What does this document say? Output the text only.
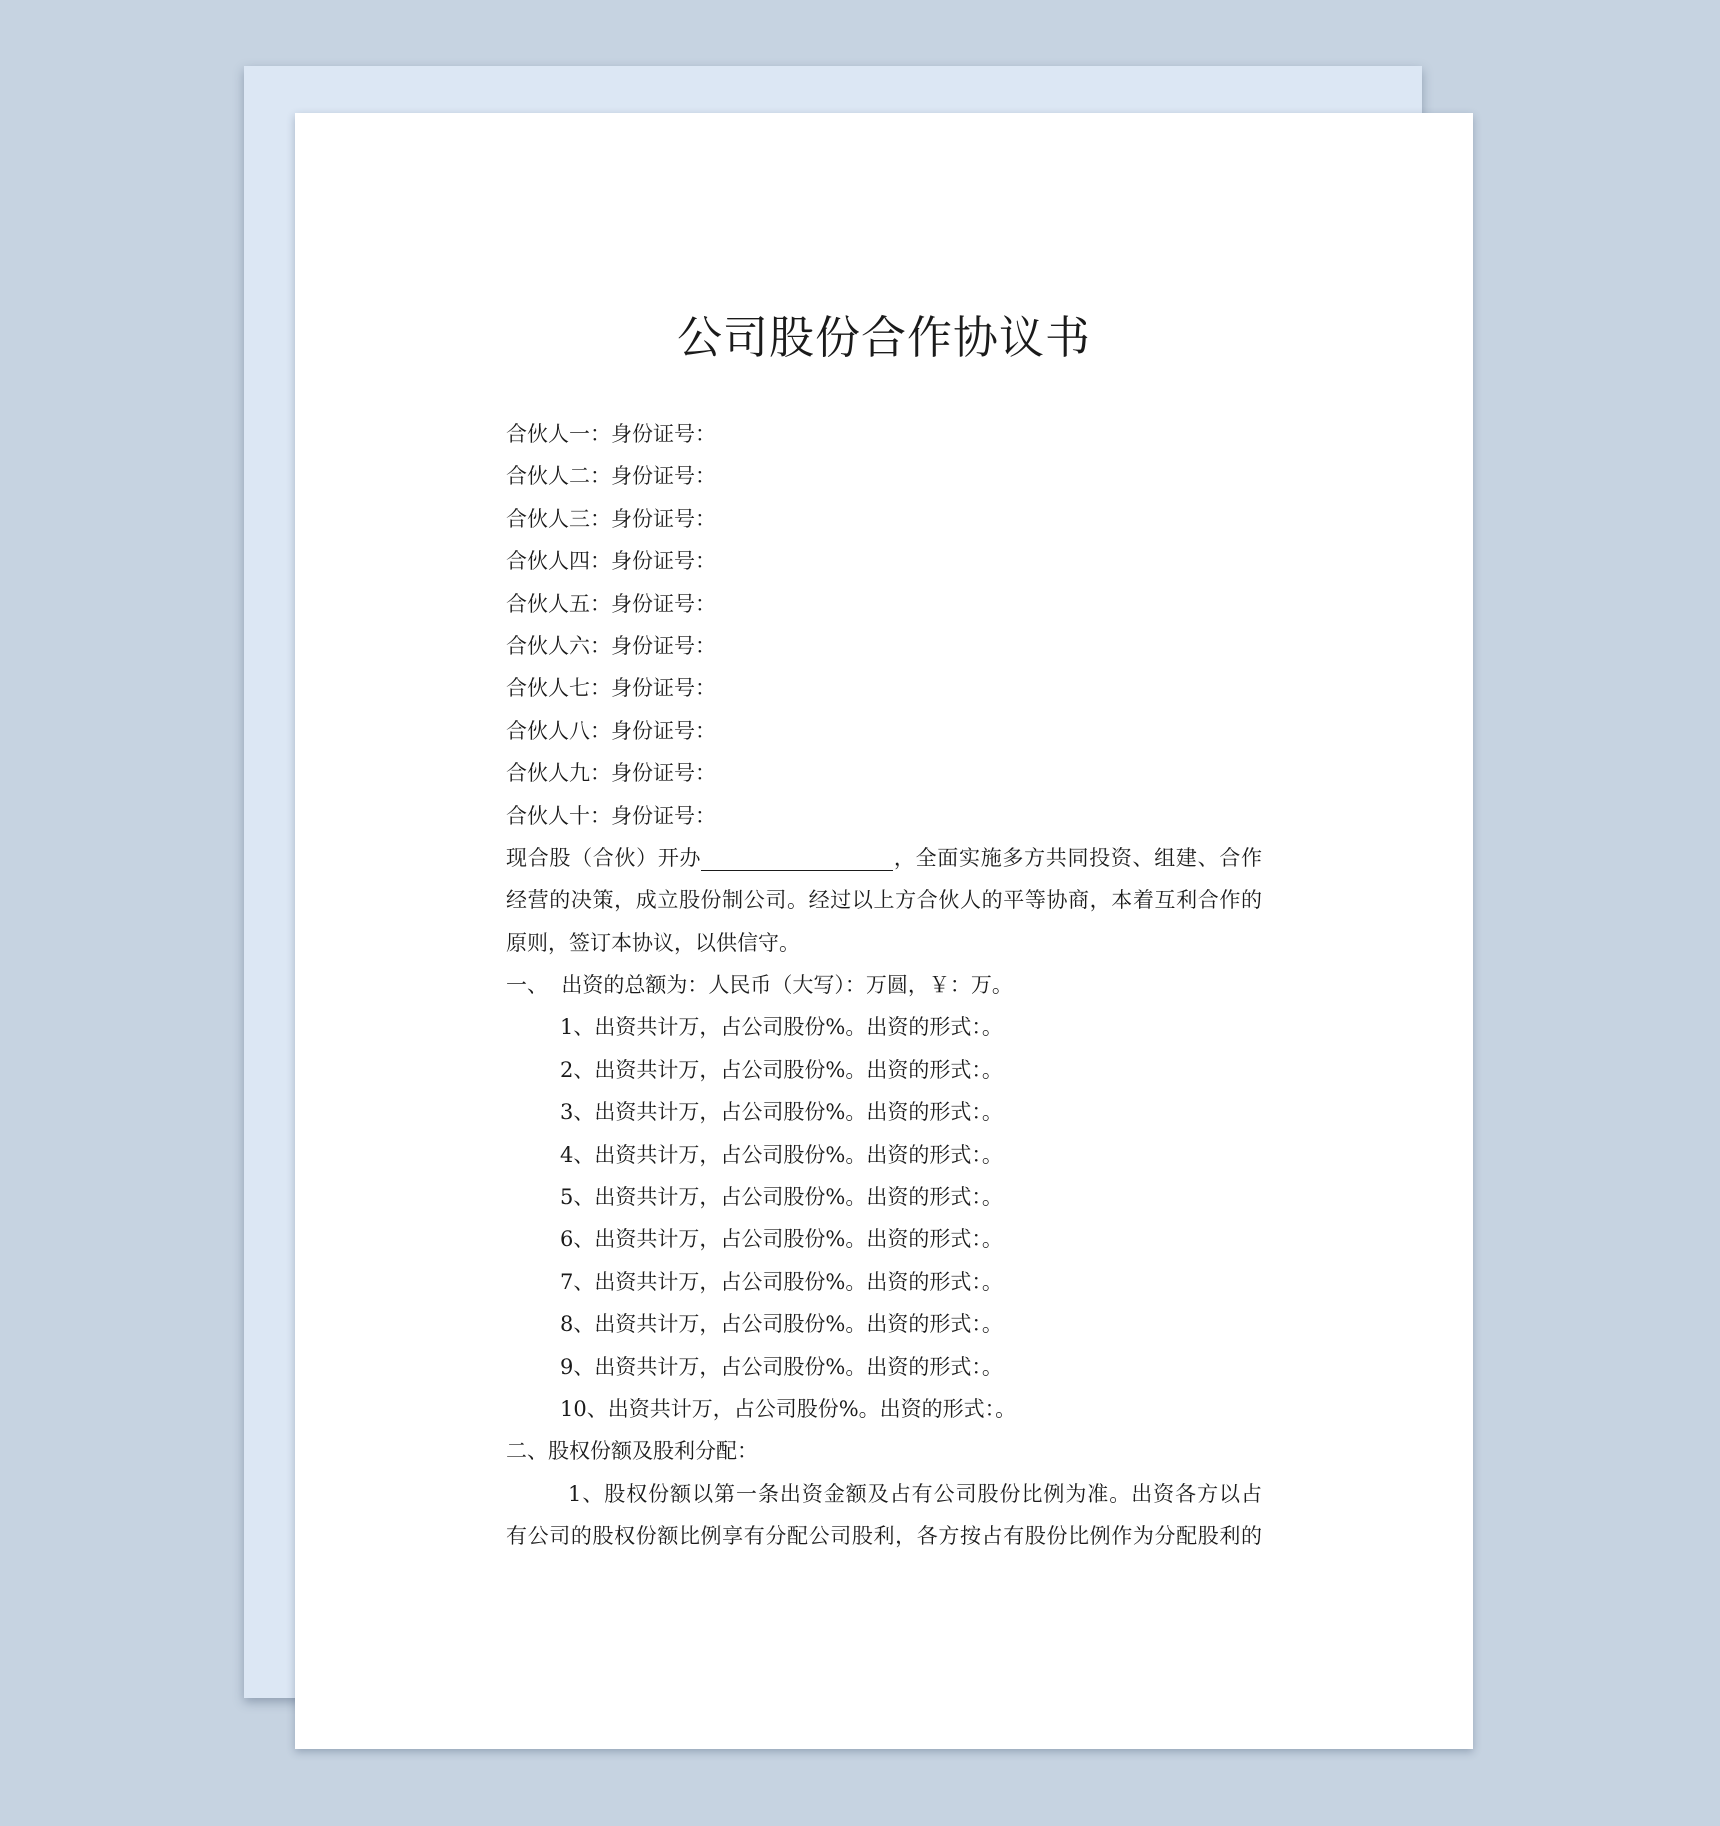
公司股份合作协议书
合伙人一：身份证号：
合伙人二：身份证号：
合伙人三：身份证号：
合伙人四：身份证号：
合伙人五：身份证号：
合伙人六：身份证号：
合伙人七：身份证号：
合伙人八：身份证号：
合伙人九：身份证号：
合伙人十：身份证号：
现合股（合伙）开办	，全面实施多方共同投资、组建、合作
经营的决策，成立股份制公司。经过以上方合伙人的平等协商，本着互利合作的
原则，签订本协议，以供信守。
一、  出资的总额为：人民币（大写）：万圆，￥：万。
1、出资共计万，占公司股份%。出资的形式：。
2、出资共计万，占公司股份%。出资的形式：。
3、出资共计万，占公司股份%。出资的形式：。
4、出资共计万，占公司股份%。出资的形式：。
5、出资共计万，占公司股份%。出资的形式：。
6、出资共计万，占公司股份%。出资的形式：。
7、出资共计万，占公司股份%。出资的形式：。
8、出资共计万，占公司股份%。出资的形式：。
9、出资共计万，占公司股份%。出资的形式：。
10、出资共计万，占公司股份%。出资的形式：。
二、股权份额及股利分配：
1、股权份额以第一条出资金额及占有公司股份比例为准。出资各方以占
有公司的股权份额比例享有分配公司股利，各方按占有股份比例作为分配股利的
